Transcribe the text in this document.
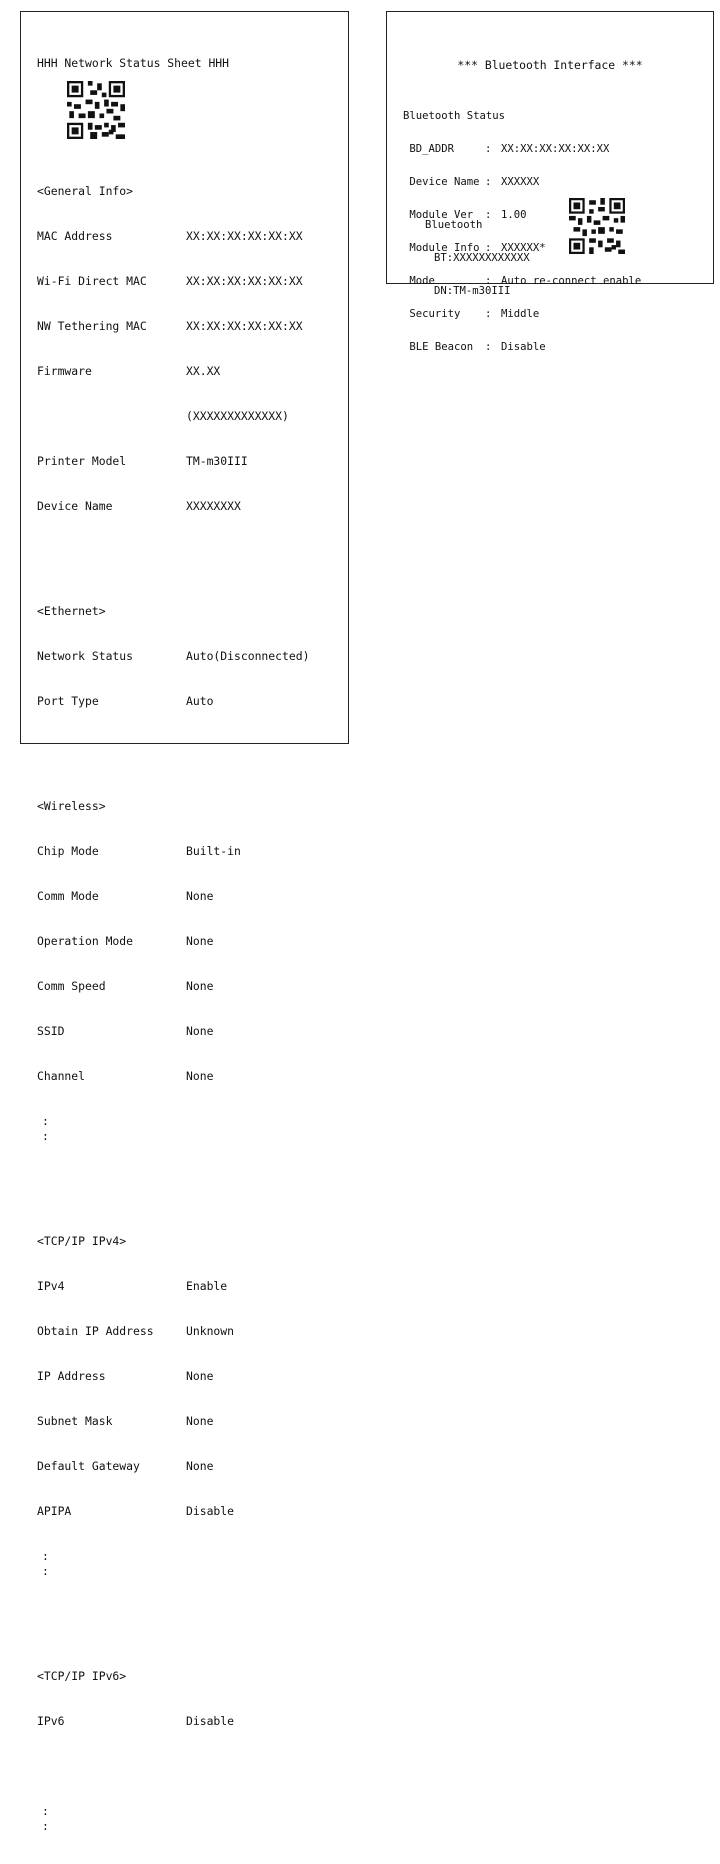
HHH Network Status Sheet HHH

<General Info>

MAC Address	XX:XX:XX:XX:XX:XX

Wi-Fi Direct MAC	XX:XX:XX:XX:XX:XX

NW Tethering MAC	XX:XX:XX:XX:XX:XX

Firmware	XX.XX

(XXXXXXXXXXXXX)

Printer Model	TM-m30III

Device Name	XXXXXXXX

<Ethernet>

Network Status	Auto(Disconnected)

Port Type	Auto

<Wireless>

Chip Mode	Built-in

Comm Mode	None

Operation Mode	None

Comm Speed	None

SSID	None

Channel	None

:
:

<TCP/IP IPv4>

IPv4	Enable

Obtain IP Address	Unknown

IP Address	None

Subnet Mask	None

Default Gateway	None

APIPA	Disable

:
:

<TCP/IP IPv6>

IPv6	Disable

:
:

*** Bluetooth Interface ***

Bluetooth Status

BD_ADDR	: XX:XX:XX:XX:XX:XX

Device Name : XXXXXX

Module Ver : 1.00

Module Info : XXXXXX*

Mode	: Auto re-connect enable

Security : Middle

BLE Beacon : Disable

Bluetooth

BT:XXXXXXXXXXXX

DN:TM-m30III
